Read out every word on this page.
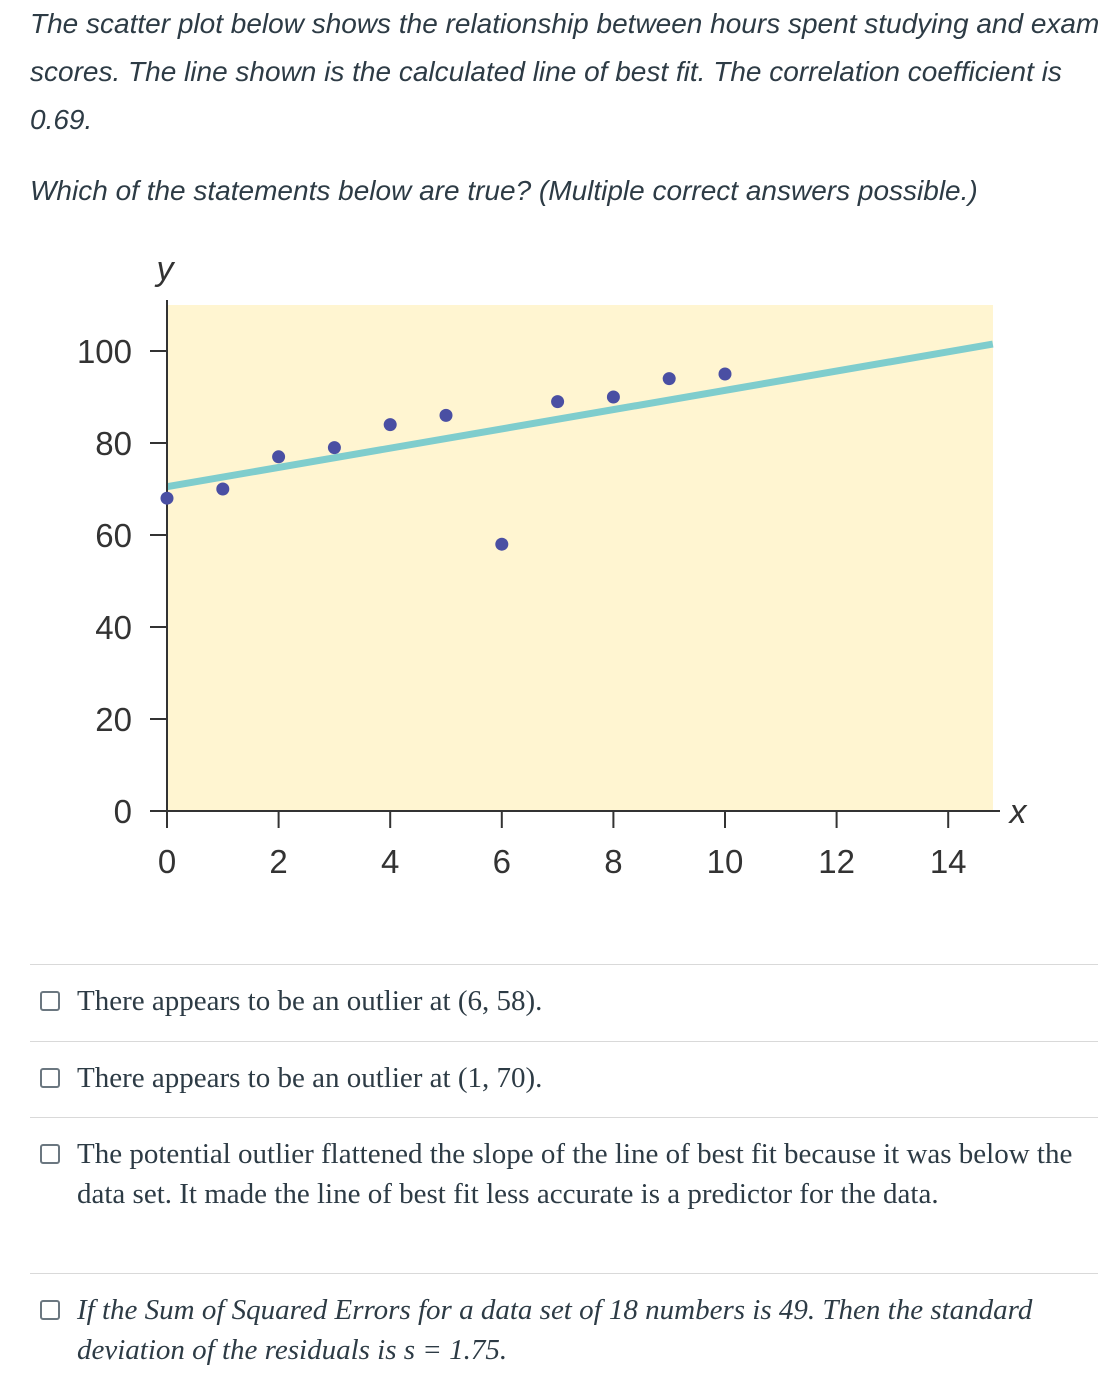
The scatter plot below shows the relationship between hours spent studying and exam scores. The line shown is the calculated line of best fit. The correlation coefficient is 0.69.

Which of the statements below are true? (Multiple correct answers possible.)

0
20
40
60
80
100
0	2	4	6	8	10 12 14
y
x
There appears to be an outlier at (6, 58).
There appears to be an outlier at (1, 70).
The potential outlier flattened the slope of the line of best fit because it was below the data set. It made the line of best fit less accurate is a predictor for the data.
If the Sum of Squared Errors for a data set of 18 numbers is 49. Then the standard deviation of the residuals is s = 1.75.
